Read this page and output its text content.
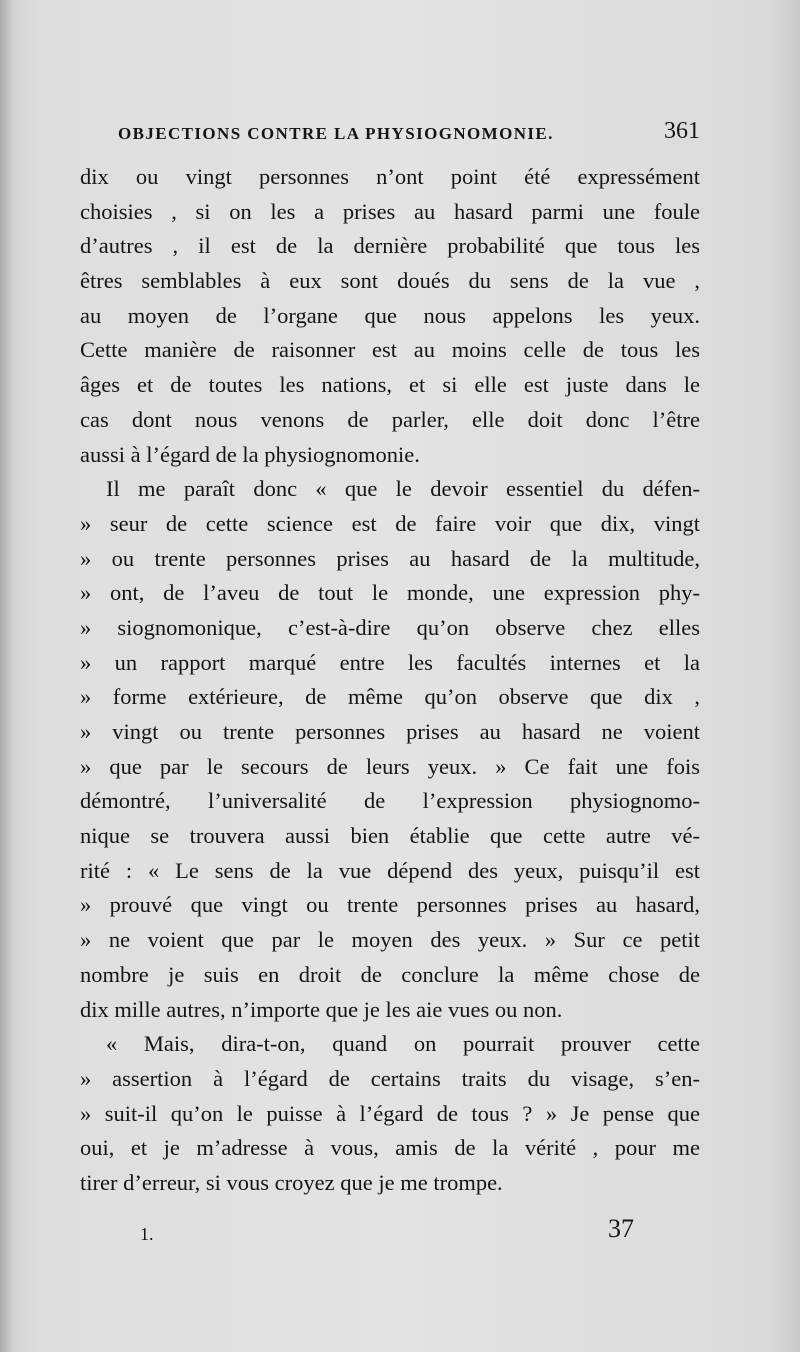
OBJECTIONS CONTRE LA PHYSIOGNOMONIE.	361
dix ou vingt personnes n’ont point été expressément
choisies , si on les a prises au hasard parmi une foule
d’autres , il est de la dernière probabilité que tous les
êtres semblables à eux sont doués du sens de la vue ,
au moyen de l’organe que nous appelons les yeux.
Cette manière de raisonner est au moins celle de tous les
âges et de toutes les nations, et si elle est juste dans le
cas dont nous venons de parler, elle doit donc l’être
aussi à l’égard de la physiognomonie.
Il me paraît donc « que le devoir essentiel du défen-
» seur de cette science est de faire voir que dix, vingt
» ou trente personnes prises au hasard de la multitude,
» ont, de l’aveu de tout le monde, une expression phy-
» siognomonique, c’est-à-dire qu’on observe chez elles
» un rapport marqué entre les facultés internes et la
» forme extérieure, de même qu’on observe que dix ,
» vingt ou trente personnes prises au hasard ne voient
» que par le secours de leurs yeux. » Ce fait une fois
démontré, l’universalité de l’expression physiognomo-
nique se trouvera aussi bien établie que cette autre vé-
rité : « Le sens de la vue dépend des yeux, puisqu’il est
» prouvé que vingt ou trente personnes prises au hasard,
» ne voient que par le moyen des yeux. » Sur ce petit
nombre je suis en droit de conclure la même chose de
dix mille autres, n’importe que je les aie vues ou non.
« Mais, dira-t-on, quand on pourrait prouver cette
» assertion à l’égard de certains traits du visage, s’en-
» suit-il qu’on le puisse à l’égard de tous ? » Je pense que
oui, et je m’adresse à vous, amis de la vérité , pour me
tirer d’erreur, si vous croyez que je me trompe.
1.	37
